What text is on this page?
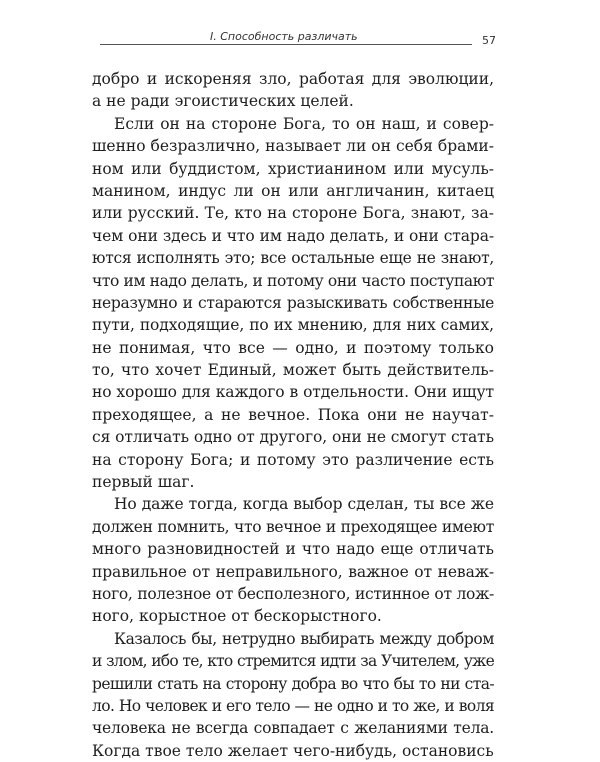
I. Способность различать	57
добро и искореняя зло, работая для эволюции,
а не ради эгоистических целей.
Если он на стороне Бога, то он наш, и совер-
шенно безразлично, называет ли он себя брами-
ном или буддистом, христианином или мусуль-
манином, индус ли он или англичанин, китаец
или русский. Те, кто на стороне Бога, знают, за-
чем они здесь и что им надо делать, и они стара-
ются исполнять это; все остальные еще не знают,
что им надо делать, и потому они часто поступают
неразумно и стараются разыскивать собственные
пути, подходящие, по их мнению, для них самих,
не понимая, что все — одно, и поэтому только
то, что хочет Единый, может быть действитель-
но хорошо для каждого в отдельности. Они ищут
преходящее, а не вечное. Пока они не научат-
ся отличать одно от другого, они не смогут стать
на сторону Бога; и потому это различение есть
первый шаг.
Но даже тогда, когда выбор сделан, ты все же
должен помнить, что вечное и преходящее имеют
много разновидностей и что надо еще отличать
правильное от неправильного, важное от неваж-
ного, полезное от бесполезного, истинное от лож-
ного, корыстное от бескорыстного.
Казалось бы, нетрудно выбирать между добром
и злом, ибо те, кто стремится идти за Учителем, уже
решили стать на сторону добра во что бы то ни ста-
ло. Но человек и его тело — не одно и то же, и воля
человека не всегда совпадает с желаниями тела.
Когда твое тело желает чего-нибудь, остановись
